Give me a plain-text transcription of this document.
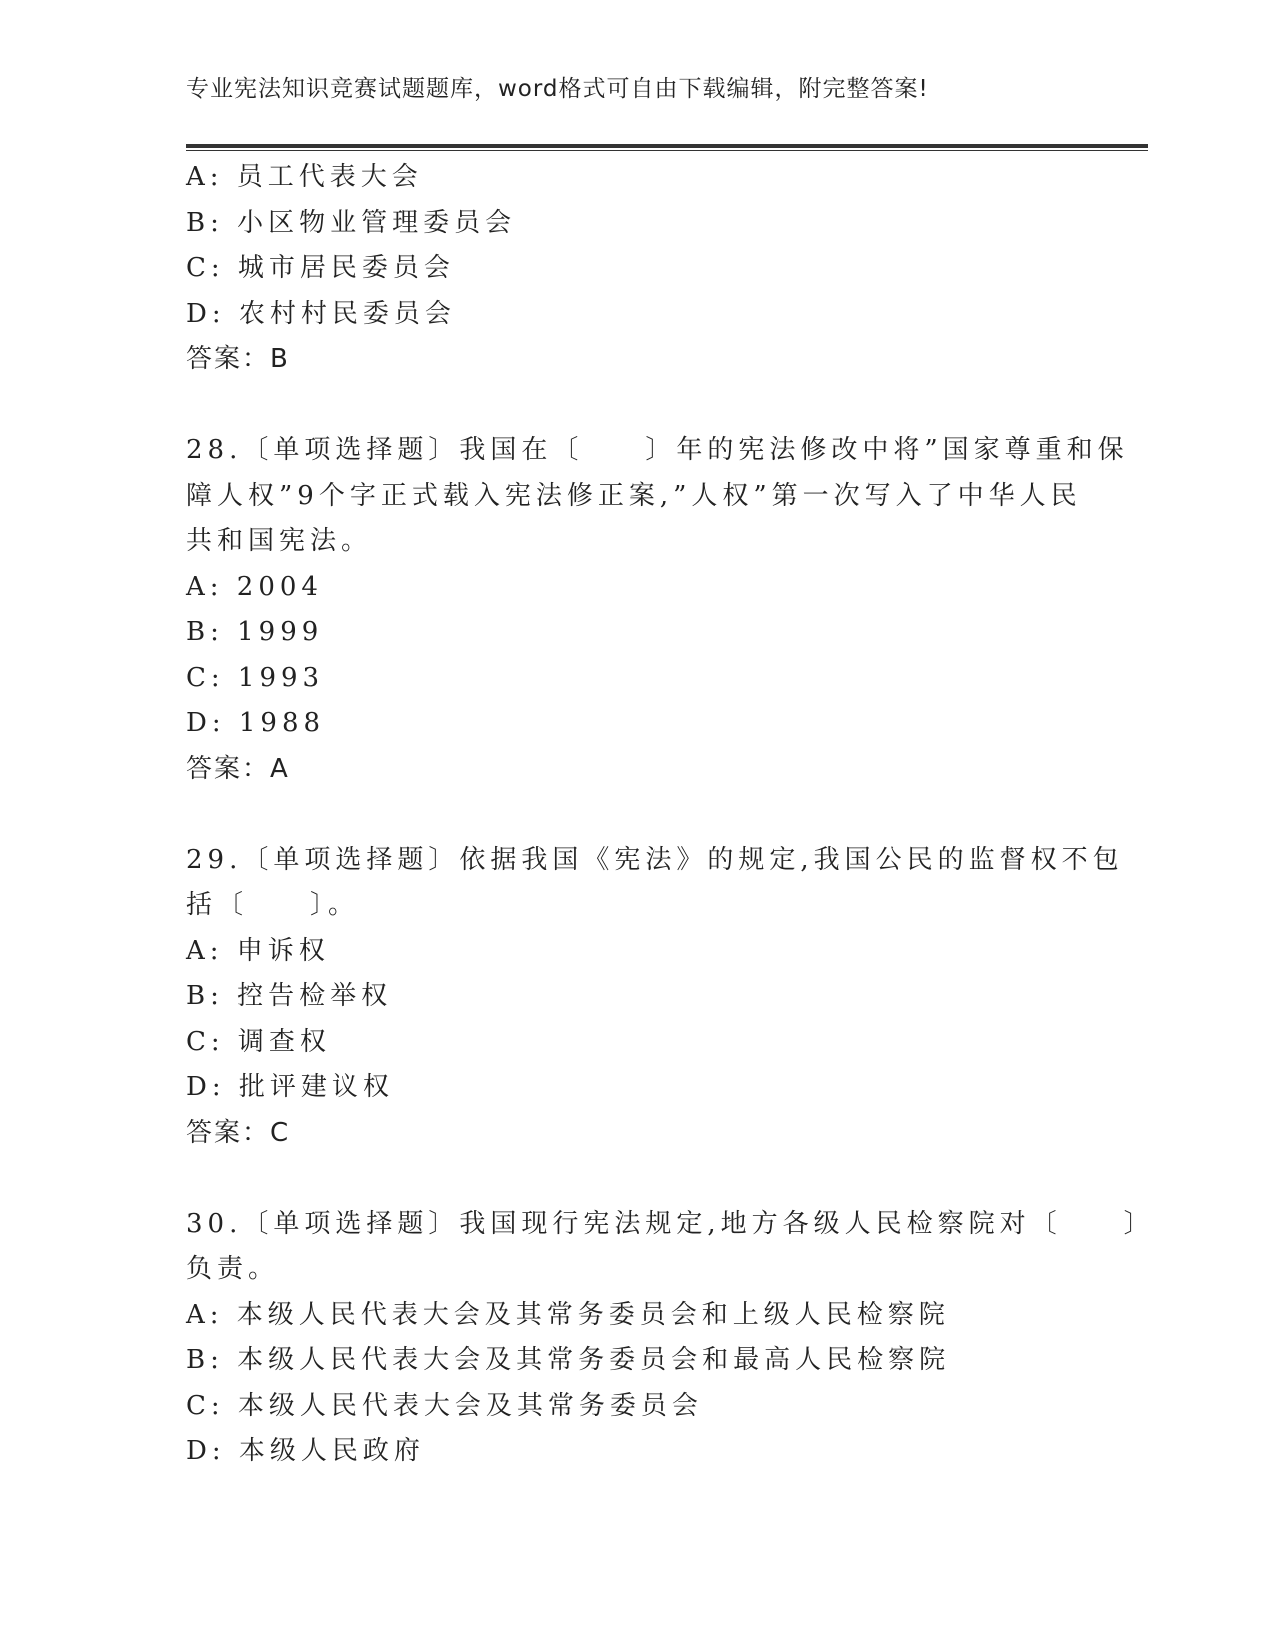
专业宪法知识竞赛试题题库，word格式可自由下载编辑，附完整答案!
A: 员工代表大会
B: 小区物业管理委员会
C: 城市居民委员会
D: 农村村民委员会
答案：B
28.〔单项选择题〕我国在〔　　〕年的宪法修改中将”国家尊重和保
障人权”9个字正式载入宪法修正案,”人权”第一次写入了中华人民
共和国宪法。
A: 2004
B: 1999
C: 1993
D: 1988
答案：A
29.〔单项选择题〕依据我国《宪法》的规定,我国公民的监督权不包
括〔　　〕。
A: 申诉权
B: 控告检举权
C: 调查权
D: 批评建议权
答案：C
30.〔单项选择题〕我国现行宪法规定,地方各级人民检察院对〔　　〕
负责。
A: 本级人民代表大会及其常务委员会和上级人民检察院
B: 本级人民代表大会及其常务委员会和最高人民检察院
C: 本级人民代表大会及其常务委员会
D: 本级人民政府
